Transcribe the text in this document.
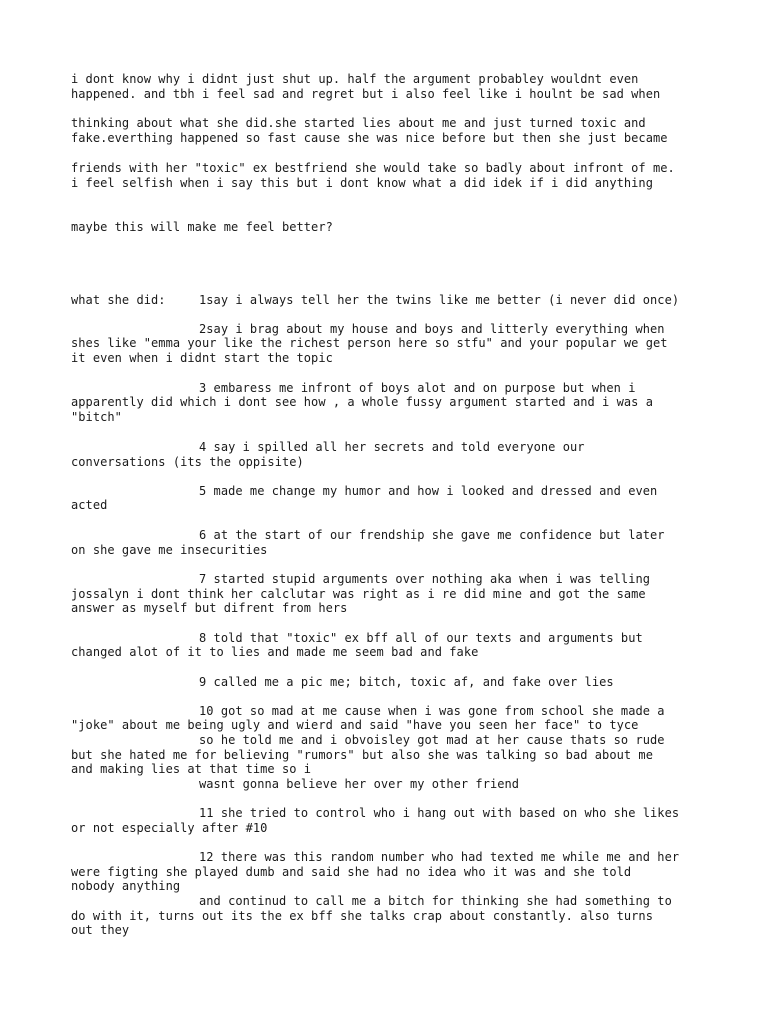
i dont know why i didnt just shut up. half the argument probabley wouldnt even

happened. and tbh i feel sad and regret but i also feel like i houlnt be sad when

thinking about what she did.she started lies about me and just turned toxic and

fake.everthing happened so fast cause she was nice before but then she just became

friends with her "toxic" ex bestfriend she would take so badly about infront of me.

i feel selfish when i say this but i dont know what a did idek if i did anything

maybe this will make me feel better?

what she did:	1say i always tell her the twins like me better (i never did once)

2say i brag about my house and boys and litterly everything when

shes like "emma your like the richest person here so stfu" and your popular we get

it even when i didnt start the topic

3 embaress me infront of boys alot and on purpose but when i

apparently did which i dont see how , a whole fussy argument started and i was a

"bitch"

4 say i spilled all her secrets and told everyone our

conversations (its the oppisite)

5 made me change my humor and how i looked and dressed and even

acted

6 at the start of our frendship she gave me confidence but later

on she gave me insecurities

7 started stupid arguments over nothing aka when i was telling

jossalyn i dont think her calclutar was right as i re did mine and got the same

answer as myself but difrent from hers

8 told that "toxic" ex bff all of our texts and arguments but

changed alot of it to lies and made me seem bad and fake

9 called me a pic me; bitch, toxic af, and fake over lies

10 got so mad at me cause when i was gone from school she made a

"joke" about me being ugly and wierd and said "have you seen her face" to tyce

so he told me and i obvoisley got mad at her cause thats so rude

but she hated me for believing "rumors" but also she was talking so bad about me

and making lies at that time so i

wasnt gonna believe her over my other friend

11 she tried to control who i hang out with based on who she likes

or not especially after #10

12 there was this random number who had texted me while me and her

were figting she played dumb and said she had no idea who it was and she told

nobody anything

and continud to call me a bitch for thinking she had something to

do with it, turns out its the ex bff she talks crap about constantly. also turns

out they
